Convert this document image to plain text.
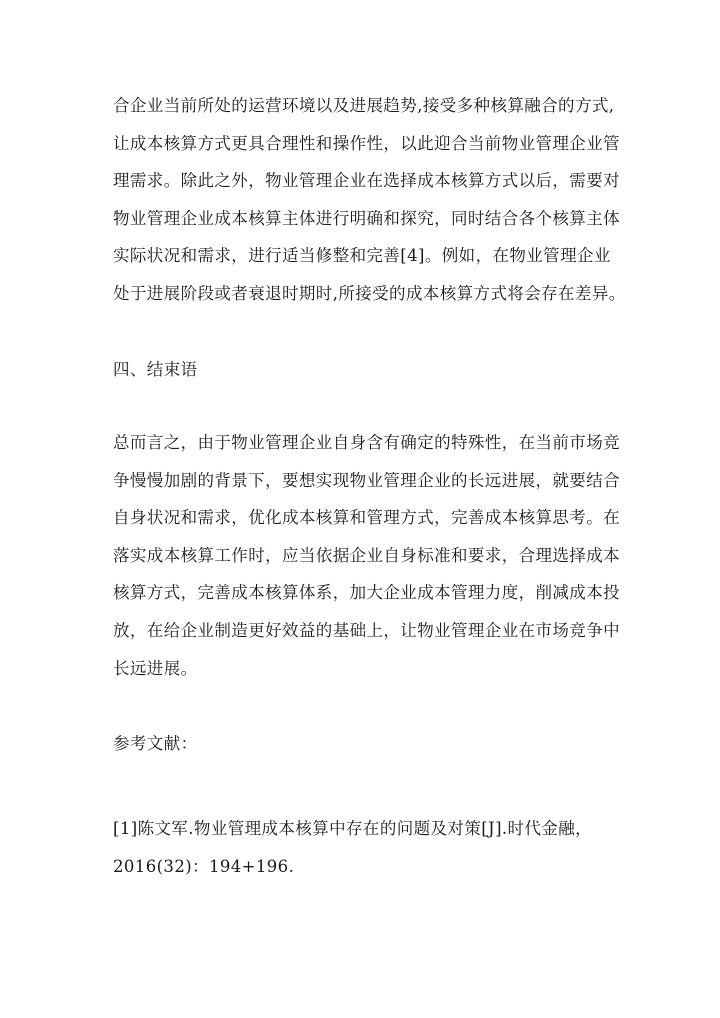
合企业当前所处的运营环境以及进展趋势,接受多种核算融合的方式,
让成本核算方式更具合理性和操作性，以此迎合当前物业管理企业管
理需求。除此之外，物业管理企业在选择成本核算方式以后，需要对
物业管理企业成本核算主体进行明确和探究，同时结合各个核算主体
实际状况和需求，进行适当修整和完善[4]。例如，在物业管理企业
处于进展阶段或者衰退时期时,所接受的成本核算方式将会存在差异。
四、结束语
总而言之，由于物业管理企业自身含有确定的特殊性，在当前市场竞
争慢慢加剧的背景下，要想实现物业管理企业的长远进展，就要结合
自身状况和需求，优化成本核算和管理方式，完善成本核算思考。在
落实成本核算工作时，应当依据企业自身标准和要求，合理选择成本
核算方式，完善成本核算体系，加大企业成本管理力度，削减成本投
放，在给企业制造更好效益的基础上，让物业管理企业在市场竞争中
长远进展。
参考文献：
[1]陈文军.物业管理成本核算中存在的问题及对策[J].时代金融，
2016(32)：194+196.
